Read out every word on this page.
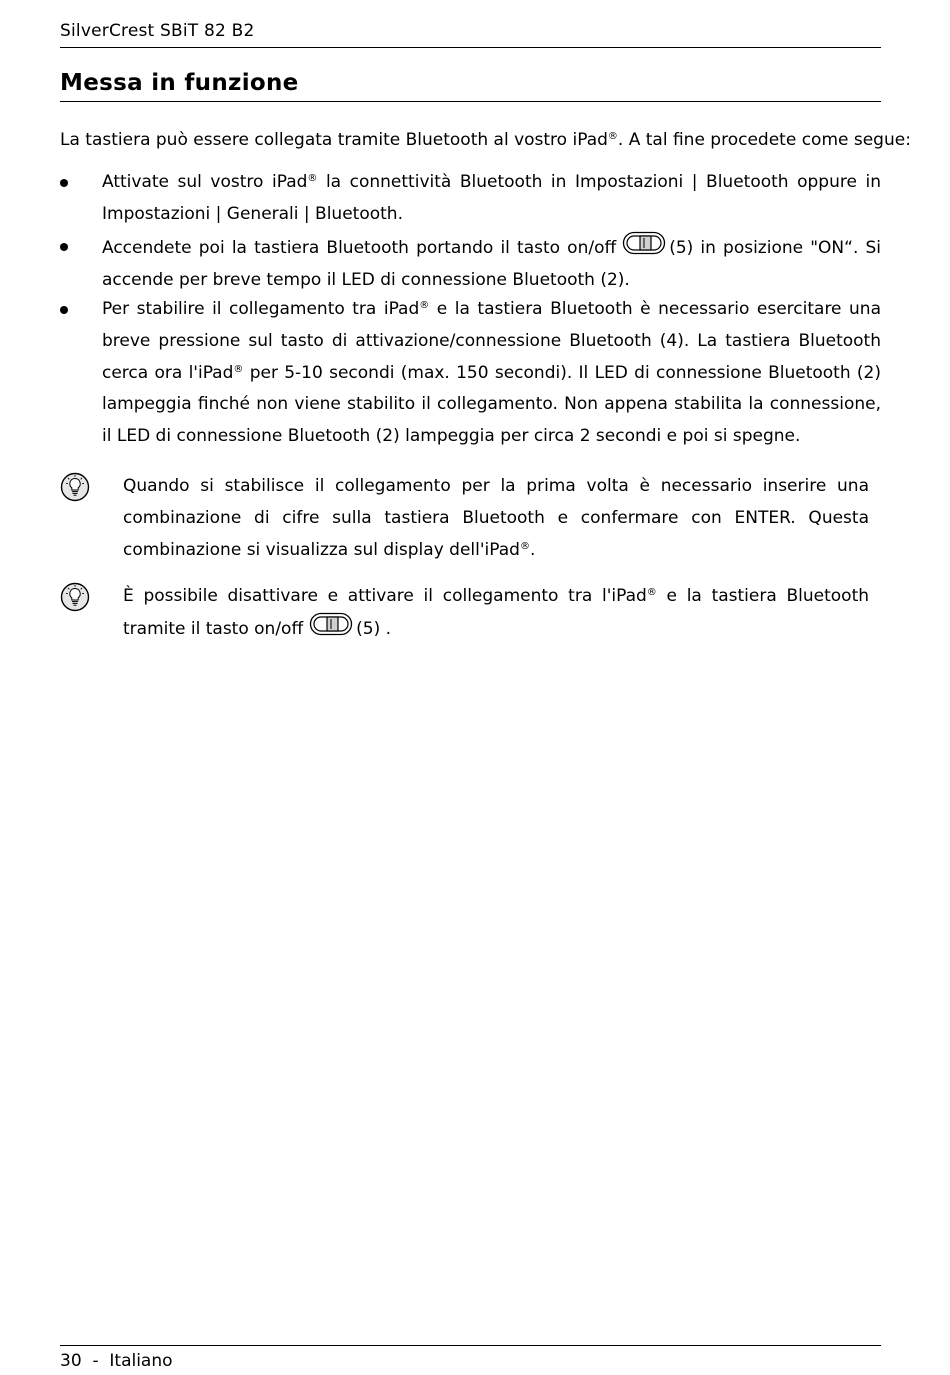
SilverCrest SBiT 82 B2
Messa in funzione
La tastiera può essere collegata tramite Bluetooth al vostro iPad®. A tal fine procedete come segue:

Attivate sul vostro iPad® la connettività Bluetooth in Impostazioni | Bluetooth oppure in Impostazioni | Generali | Bluetooth.

Accendete poi la tastiera Bluetooth portando il tasto on/off	(5) in posizione "ON“. Si accende per breve tempo il LED di connessione Bluetooth (2).

Per stabilire il collegamento tra iPad® e la tastiera Bluetooth è necessario esercitare una breve pressione sul tasto di attivazione/connessione Bluetooth (4). La tastiera Bluetooth cerca ora l'iPad® per 5-10 secondi (max. 150 secondi). Il LED di connessione Bluetooth (2) lampeggia finché non viene stabilito il collegamento. Non appena stabilita la connessione, il LED di connessione Bluetooth (2) lampeggia per circa 2 secondi e poi si spegne.

Quando si stabilisce il collegamento per la prima volta è necessario inserire una combinazione di cifre sulla tastiera Bluetooth e confermare con ENTER. Questa combinazione si visualizza sul display dell'iPad®.

È possibile disattivare e attivare il collegamento tra l'iPad® e la tastiera Bluetooth tramite il tasto on/off	(5) .

30  -  Italiano
